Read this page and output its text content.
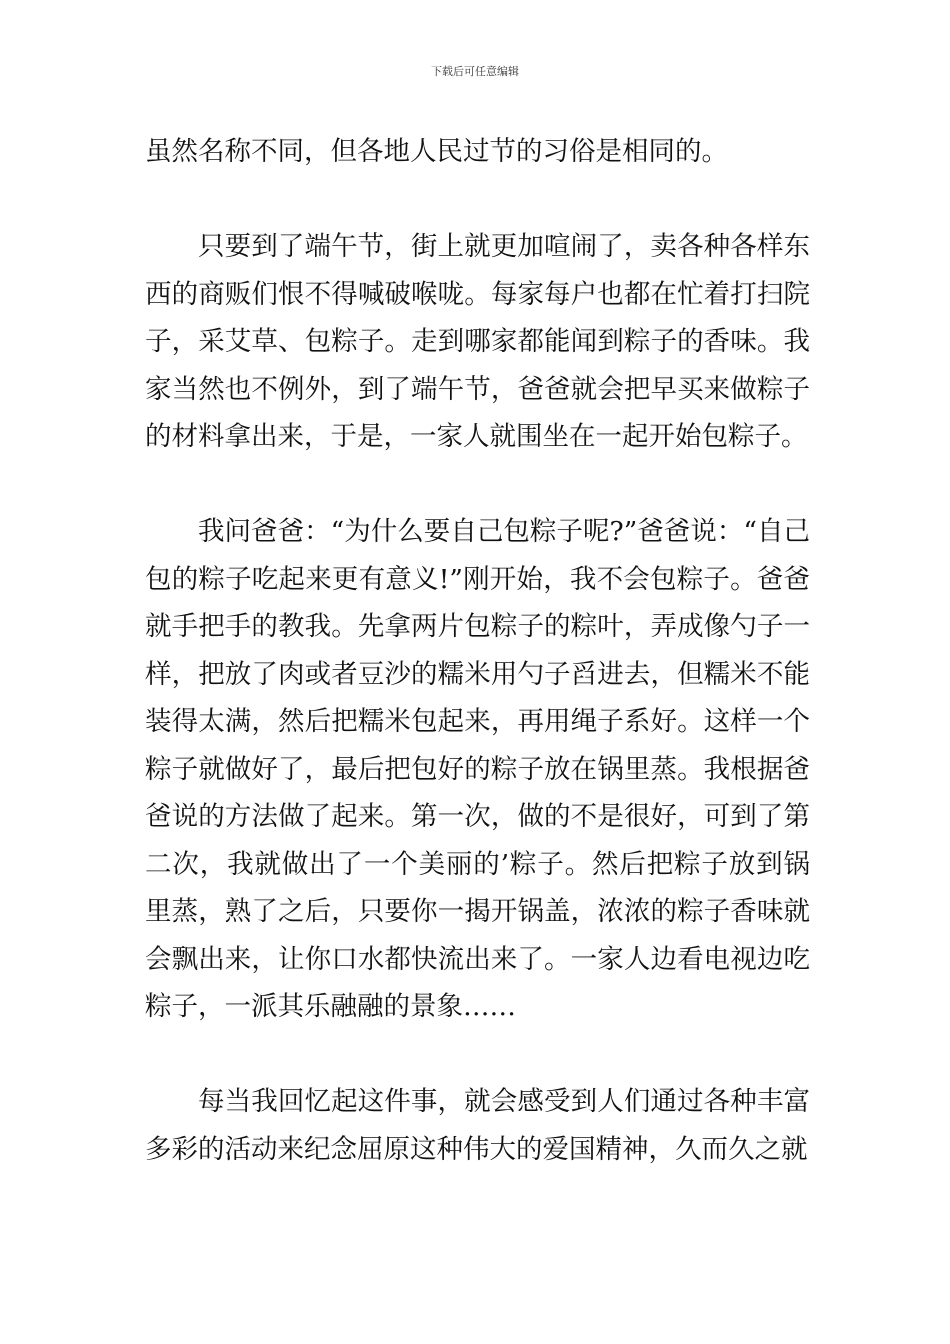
下载后可任意编辑

虽然名称不同，但各地人民过节的习俗是相同的。

只要到了端午节，街上就更加喧闹了，卖各种各样东西的商贩们恨不得喊破喉咙。每家每户也都在忙着打扫院子，采艾草、包粽子。走到哪家都能闻到粽子的香味。我家当然也不例外，到了端午节，爸爸就会把早买来做粽子的材料拿出来，于是，一家人就围坐在一起开始包粽子。

我问爸爸：“为什么要自己包粽子呢?”爸爸说：“自己包的粽子吃起来更有意义!”刚开始，我不会包粽子。爸爸就手把手的教我。先拿两片包粽子的粽叶，弄成像勺子一样，把放了肉或者豆沙的糯米用勺子舀进去，但糯米不能装得太满，然后把糯米包起来，再用绳子系好。这样一个粽子就做好了，最后把包好的粽子放在锅里蒸。我根据爸爸说的方法做了起来。第一次，做的不是很好，可到了第二次，我就做出了一个美丽的’粽子。然后把粽子放到锅里蒸，熟了之后，只要你一揭开锅盖，浓浓的粽子香味就会飘出来，让你口水都快流出来了。一家人边看电视边吃粽子，一派其乐融融的景象……

每当我回忆起这件事，就会感受到人们通过各种丰富多彩的活动来纪念屈原这种伟大的爱国精神，久而久之就
